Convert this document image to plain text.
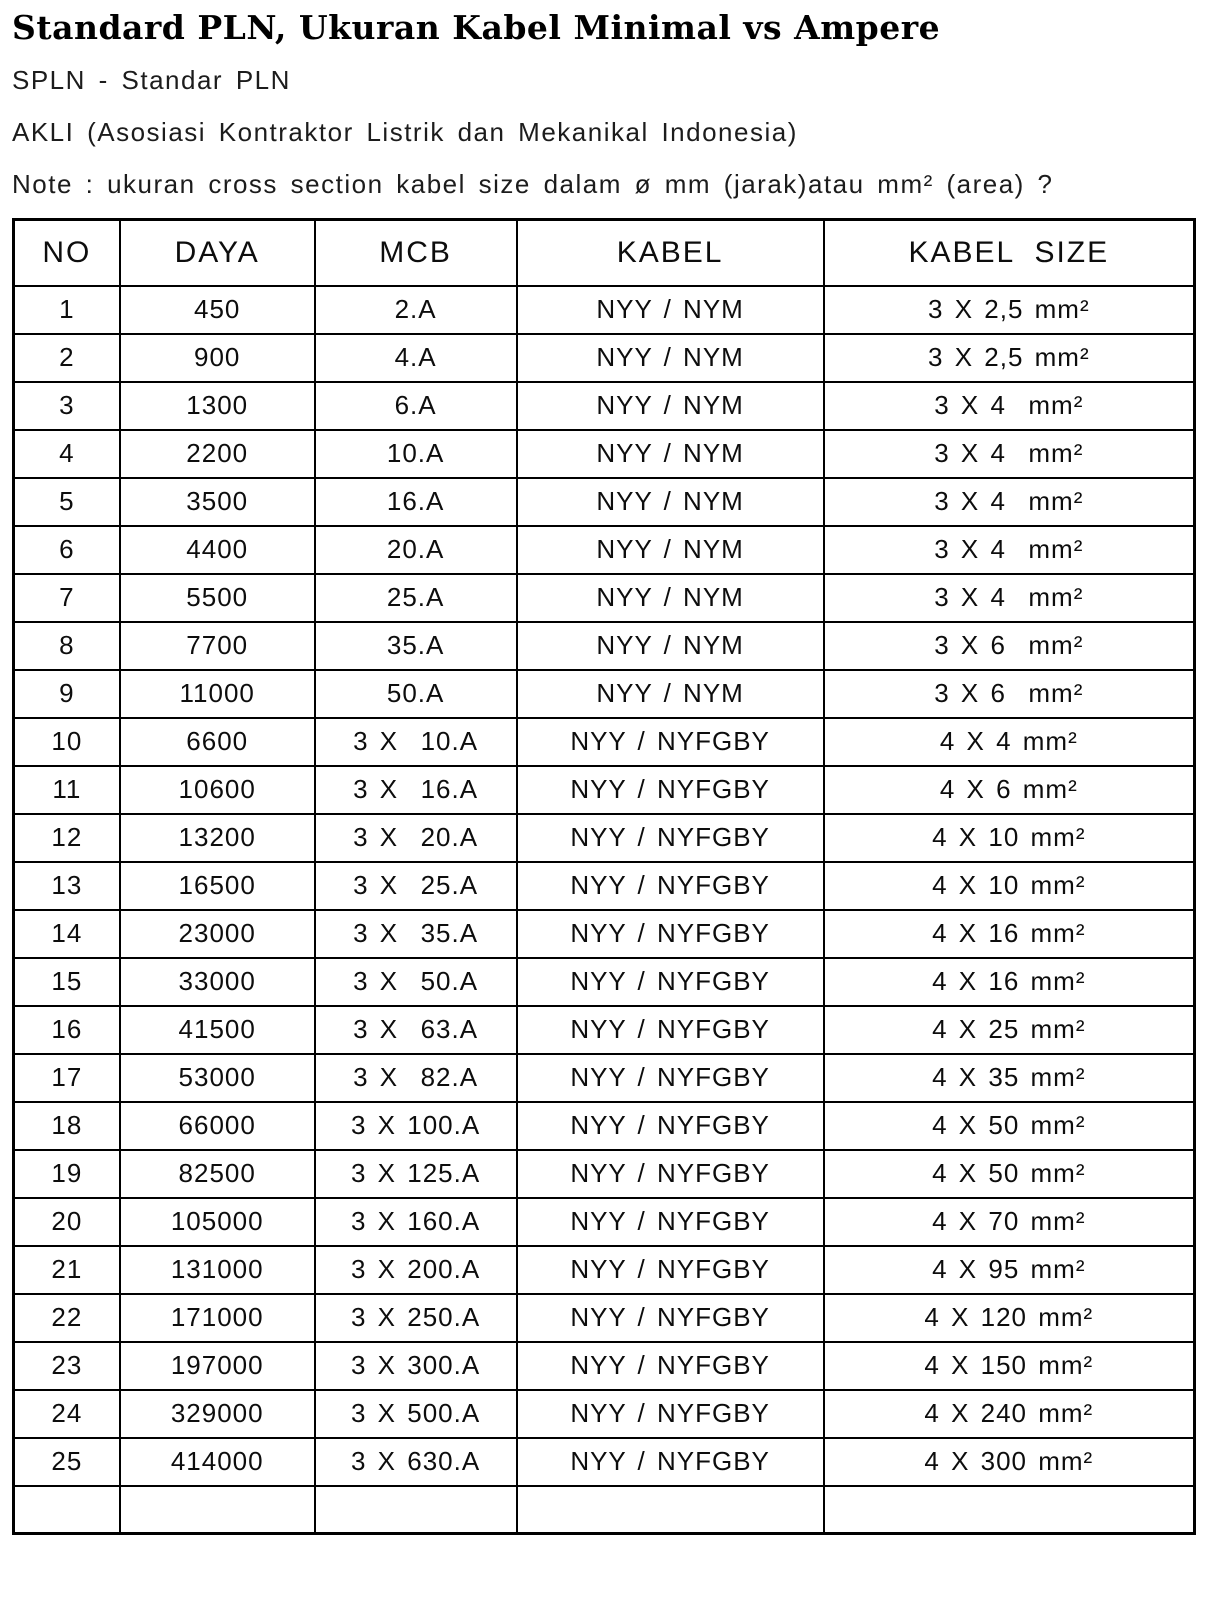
Standard PLN, Ukuran Kabel Minimal vs Ampere

SPLN - Standar PLN

AKLI (Asosiasi Kontraktor Listrik dan Mekanikal Indonesia)

Note : ukuran cross section kabel size dalam ø mm (jarak)atau mm² (area) ?

NO	DAYA	MCB	KABEL	KABEL SIZE
1	450	2.A	NYY / NYM	3 X 2,5 mm²
2	900	4.A	NYY / NYM	3 X 2,5 mm²
3	1300	6.A	NYY / NYM	3 X 4  mm²
4	2200	10.A	NYY / NYM	3 X 4  mm²
5	3500	16.A	NYY / NYM	3 X 4  mm²
6	4400	20.A	NYY / NYM	3 X 4  mm²
7	5500	25.A	NYY / NYM	3 X 4  mm²
8	7700	35.A	NYY / NYM	3 X 6  mm²
9	11000	50.A	NYY / NYM	3 X 6  mm²
10	6600	3 X  10.A	NYY / NYFGBY	4 X 4 mm²
11	10600	3 X  16.A	NYY / NYFGBY	4 X 6 mm²
12	13200	3 X  20.A	NYY / NYFGBY	4 X 10 mm²
13	16500	3 X  25.A	NYY / NYFGBY	4 X 10 mm²
14	23000	3 X  35.A	NYY / NYFGBY	4 X 16 mm²
15	33000	3 X  50.A	NYY / NYFGBY	4 X 16 mm²
16	41500	3 X  63.A	NYY / NYFGBY	4 X 25 mm²
17	53000	3 X  82.A	NYY / NYFGBY	4 X 35 mm²
18	66000	3 X 100.A	NYY / NYFGBY	4 X 50 mm²
19	82500	3 X 125.A	NYY / NYFGBY	4 X 50 mm²
20	105000	3 X 160.A	NYY / NYFGBY	4 X 70 mm²
21	131000	3 X 200.A	NYY / NYFGBY	4 X 95 mm²
22	171000	3 X 250.A	NYY / NYFGBY	4 X 120 mm²
23	197000	3 X 300.A	NYY / NYFGBY	4 X 150 mm²
24	329000	3 X 500.A	NYY / NYFGBY	4 X 240 mm²
25	414000	3 X 630.A	NYY / NYFGBY	4 X 300 mm²
